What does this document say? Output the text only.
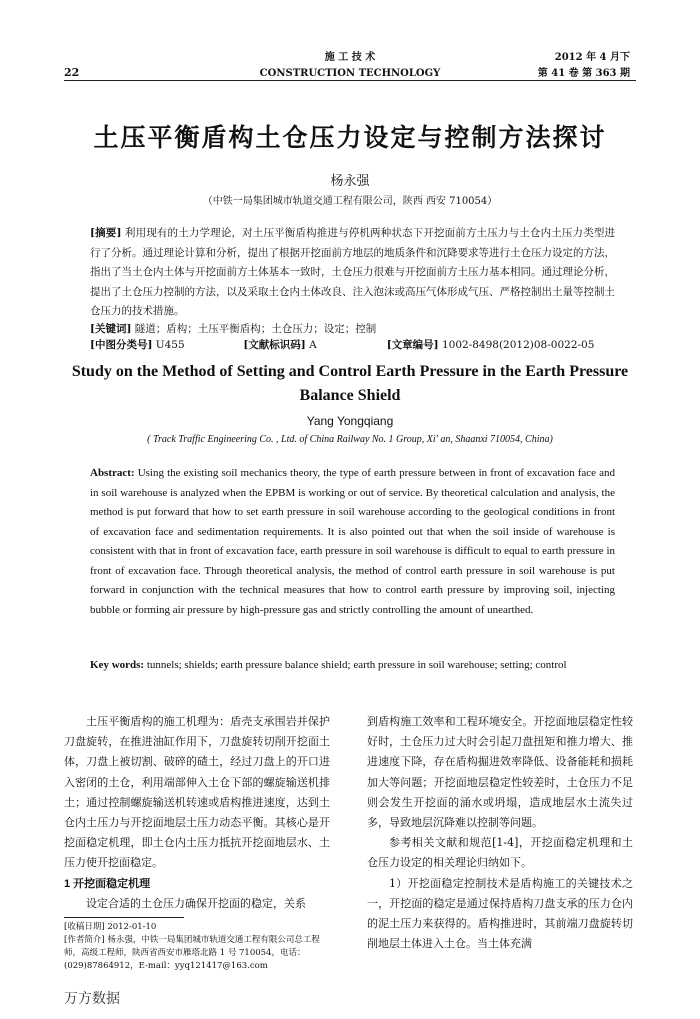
22
施 工 技 术
CONSTRUCTION TECHNOLOGY
2012 年 4 月下
第 41 卷 第 363 期
土压平衡盾构土仓压力设定与控制方法探讨
杨永强
（中铁一局集团城市轨道交通工程有限公司，陕西 西安 710054）
[摘要] 利用现有的土力学理论，对土压平衡盾构推进与停机两种状态下开挖面前方土压力与土仓内土压力类型进行了分析。通过理论计算和分析，提出了根据开挖面前方地层的地质条件和沉降要求等进行土仓压力设定的方法，指出了当土仓内土体与开挖面前方土体基本一致时，土仓压力很难与开挖面前方土压力基本相同。通过理论分析，提出了土仓压力控制的方法，以及采取土仓内土体改良、注入泡沫或高压气体形成气压、严格控制出土量等控制土仓压力的技术措施。
[关键词] 隧道；盾构；土压平衡盾构；土仓压力；设定；控制
[中图分类号] U455	[文献标识码] A	[文章编号] 1002-8498(2012)08-0022-05
Study on the Method of Setting and Control Earth Pressure in the Earth Pressure Balance Shield
Yang Yongqiang
( Track Traffic Engineering Co. , Ltd. of China Railway No. 1 Group, Xi' an, Shaanxi 710054, China)
Abstract: Using the existing soil mechanics theory, the type of earth pressure between in front of excavation face and in soil warehouse is analyzed when the EPBM is working or out of service. By theoretical calculation and analysis, the method is put forward that how to set earth pressure in soil warehouse according to the geological conditions in front of excavation face and sedimentation requirements. It is also pointed out that when the soil inside of warehouse is consistent with that in front of excavation face, earth pressure in soil warehouse is difficult to equal to earth pressure in front of excavation face. Through theoretical analysis, the method of control earth pressure in soil warehouse is put forward in conjunction with the technical measures that how to control earth pressure by improving soil, injecting bubble or forming air pressure by high-pressure gas and strictly controlling the amount of unearthed.
Key words: tunnels; shields; earth pressure balance shield; earth pressure in soil warehouse; setting; control

土压平衡盾构的施工机理为：盾壳支承围岩并保护刀盘旋转，在推进油缸作用下，刀盘旋转切削开挖面土体，刀盘上被切割、破碎的碴土，经过刀盘上的开口进入密闭的土仓，利用端部伸入土仓下部的螺旋输送机排土；通过控制螺旋输送机转速或盾构推进速度，达到土仓内土压力与开挖面地层土压力动态平衡。其核心是开挖面稳定机理，即土仓内土压力抵抗开挖面地层水、土压力使开挖面稳定。

1 开挖面稳定机理

设定合适的土仓压力确保开挖面的稳定，关系

到盾构施工效率和工程环境安全。开挖面地层稳定性较好时，土仓压力过大时会引起刀盘扭矩和推力增大、推进速度下降，存在盾构掘进效率降低、设备能耗和损耗加大等问题；开挖面地层稳定性较差时，土仓压力不足则会发生开挖面的涌水或坍塌，造成地层水土流失过多，导致地层沉降难以控制等问题。

参考相关文献和规范[1-4]，开挖面稳定机理和土仓压力设定的相关理论归纳如下。

1）开挖面稳定控制技术是盾构施工的关键技术之一，开挖面的稳定是通过保持盾构刀盘支承的压力仓内的泥土压力来获得的。盾构推进时，其前端刀盘旋转切削地层土体进入土仓。当土体充满

[收稿日期] 2012-01-10
[作者简介] 杨永强，中铁一局集团城市轨道交通工程有限公司总工程师，高级工程师，陕西省西安市雁塔北路 1 号 710054，电话：(029)87864912，E-mail：yyq121417@163.com
万方数据
